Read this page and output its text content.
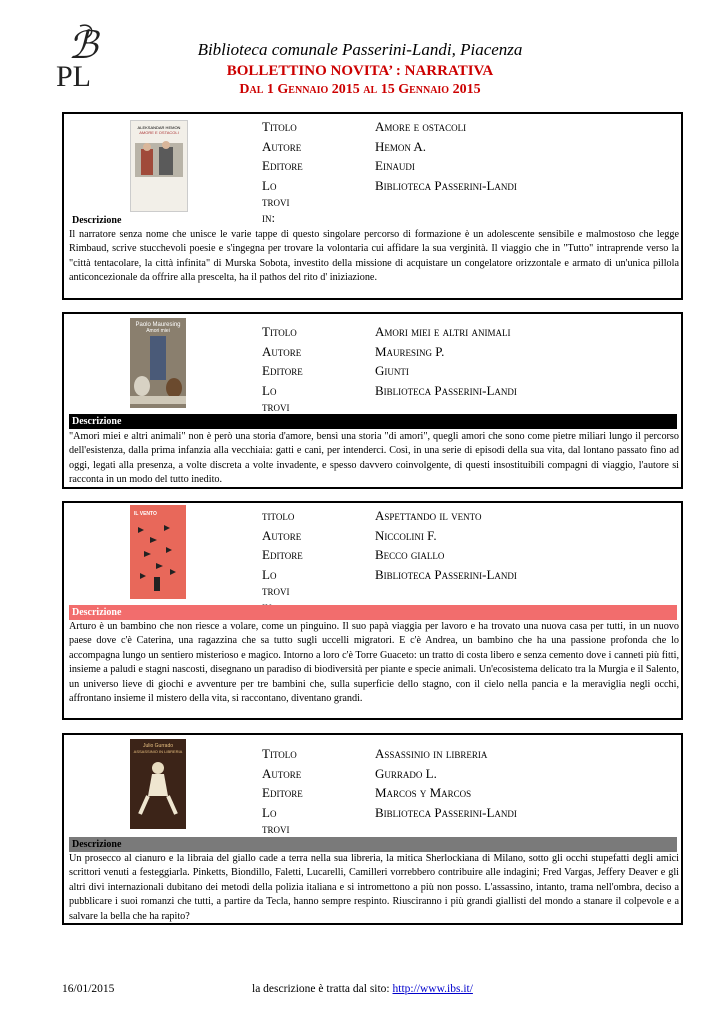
ℬ
PL
Biblioteca comunale Passerini-Landi, Piacenza
BOLLETTINO NOVITA’ : NARRATIVA
Dal 1 Gennaio 2015 al 15 Gennaio 2015
ALEKSANDAR HEMON
AMORE E OSTACOLI	Titolo	Amore e ostacoli
Autore	Hemon A.
Editore	Einaudi
Lo trovi in:
Biblioteca Passerini-Landi
Descrizione
Il narratore senza nome che unisce le varie tappe di questo singolare percorso di formazione è un adolescente sensibile e malmostoso che legge Rimbaud, scrive stucchevoli poesie e s'ingegna per trovare la volontaria cui affidare la sua verginità. Il viaggio che in "Tutto" intraprende verso la "città tentacolare, la città infinita" di Murska Sobota, investito della missione di acquistare un congelatore orizzontale e armato di un'unica pillola anticoncezionale da offrire alla prescelta, ha il pathos del rito d' iniziazione.
Paolo Mauresing
Amori miei	Titolo	Amori miei e altri animali
Autore	Mauresing P.
Editore	Giunti
Lo trovi
Biblioteca Passerini-Landi
Descrizione
"Amori miei e altri animali" non è però una storia d'amore, bensì una storia "di amori", quegli amori che sono come pietre miliari lungo il percorso dell'esistenza, dalla prima infanzia alla vecchiaia: gatti e cani, per intenderci. Così, in una serie di episodi della sua vita, dal lontano passato fino ad oggi, legati alla presenza, a volte discreta a volte invadente, e spesso davvero coinvolgente, di questi insostituibili compagni di viaggio, l'autore si racconta in un modo del tutto inedito.
IL VENTO	titolo	Aspettando il vento
Autore	Niccolini F.
Editore	Becco giallo
Lo trovi
Biblioteca Passerini-Landi
Descrizione
Arturo è un bambino che non riesce a volare, come un pinguino. Il suo papà viaggia per lavoro e ha trovato una nuova casa per tutti, in un nuovo paese dove c'è Caterina, una ragazzina che sa tutto sugli uccelli migratori. E c'è Andrea, un bambino che ha una passione profonda che lo accompagna lungo un sentiero misterioso e magico. Intorno a loro c'è Torre Guaceto: un tratto di costa libero e senza cemento dove i canneti più fitti, insieme a paludi e stagni nascosti, disegnano un paradiso di biodiversità per piante e specie animali. Un'ecosistema delicato tra la Murgia e il Salento, un universo lieve di giochi e avventure per tre bambini che, sulla superficie dello stagno, con il cielo nella pancia e la meraviglia negli occhi, affrontano insieme il mistero della vita, si raccontano, diventano grandi.
Julio Gurrado
ASSASSINIO IN LIBRERIA	Titolo	Assassinio in libreria
Autore	Gurrado L.
Editore	Marcos y Marcos
Lo trovi
Biblioteca Passerini-Landi
Descrizione
Un prosecco al cianuro e la libraia del giallo cade a terra nella sua libreria, la mitica Sherlockiana di Milano, sotto gli occhi stupefatti degli amici scrittori venuti a festeggiarla. Pinketts, Biondillo, Faletti, Lucarelli, Camilleri vorrebbero contribuire alle indagini; Fred Vargas, Jeffery Deaver e gli altri divi internazionali dubitano dei metodi della polizia italiana e si intromettono a più non posso. L'assassino, intanto, trama nell'ombra, deciso a pubblicare i suoi romanzi che tutti, a partire da Tecla, hanno sempre respinto. Riusciranno i più grandi giallisti del mondo a stanare il colpevole e a salvare la bella che ha rapito?
16/01/2015	la descrizione è tratta dal sito: http://www.ibs.it/
